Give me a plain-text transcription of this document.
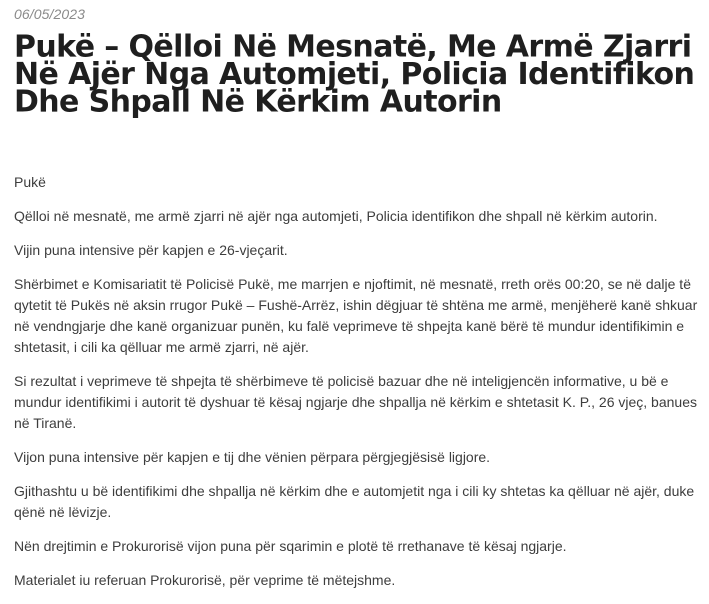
06/05/2023
Pukë – Qëlloi Në Mesnatë, Me Armë Zjarri Në Ajër Nga Automjeti, Policia Identifikon Dhe Shpall Në Kërkim Autorin

Pukë

Qëlloi në mesnatë, me armë zjarri në ajër nga automjeti, Policia identifikon dhe shpall në kërkim autorin.

Vijin puna intensive për kapjen e 26-vjeçarit.

Shërbimet e Komisariatit të Policisë Pukë, me marrjen e njoftimit, në mesnatë, rreth orës 00:20, se në dalje të qytetit të Pukës në aksin rrugor Pukë – Fushë-Arrëz, ishin dëgjuar të shtëna me armë, menjëherë kanë shkuar në vendngjarje dhe kanë organizuar punën, ku falë veprimeve të shpejta kanë bërë të mundur identifikimin e shtetasit, i cili ka qëlluar me armë zjarri, në ajër.

Si rezultat i veprimeve të shpejta të shërbimeve të policisë bazuar dhe në inteligjencën informative, u bë e mundur identifikimi i autorit të dyshuar të kësaj ngjarje dhe shpallja në kërkim e shtetasit K. P., 26 vjeç, banues në Tiranë.

Vijon puna intensive për kapjen e tij dhe vënien përpara përgjegjësisë ligjore.

Gjithashtu u bë identifikimi dhe shpallja në kërkim dhe e automjetit nga i cili ky shtetas ka qëlluar në ajër, duke qënë në lëvizje.

Nën drejtimin e Prokurorisë vijon puna për sqarimin e plotë të rrethanave të kësaj ngjarje.

Materialet iu referuan Prokurorisë, për veprime të mëtejshme.
